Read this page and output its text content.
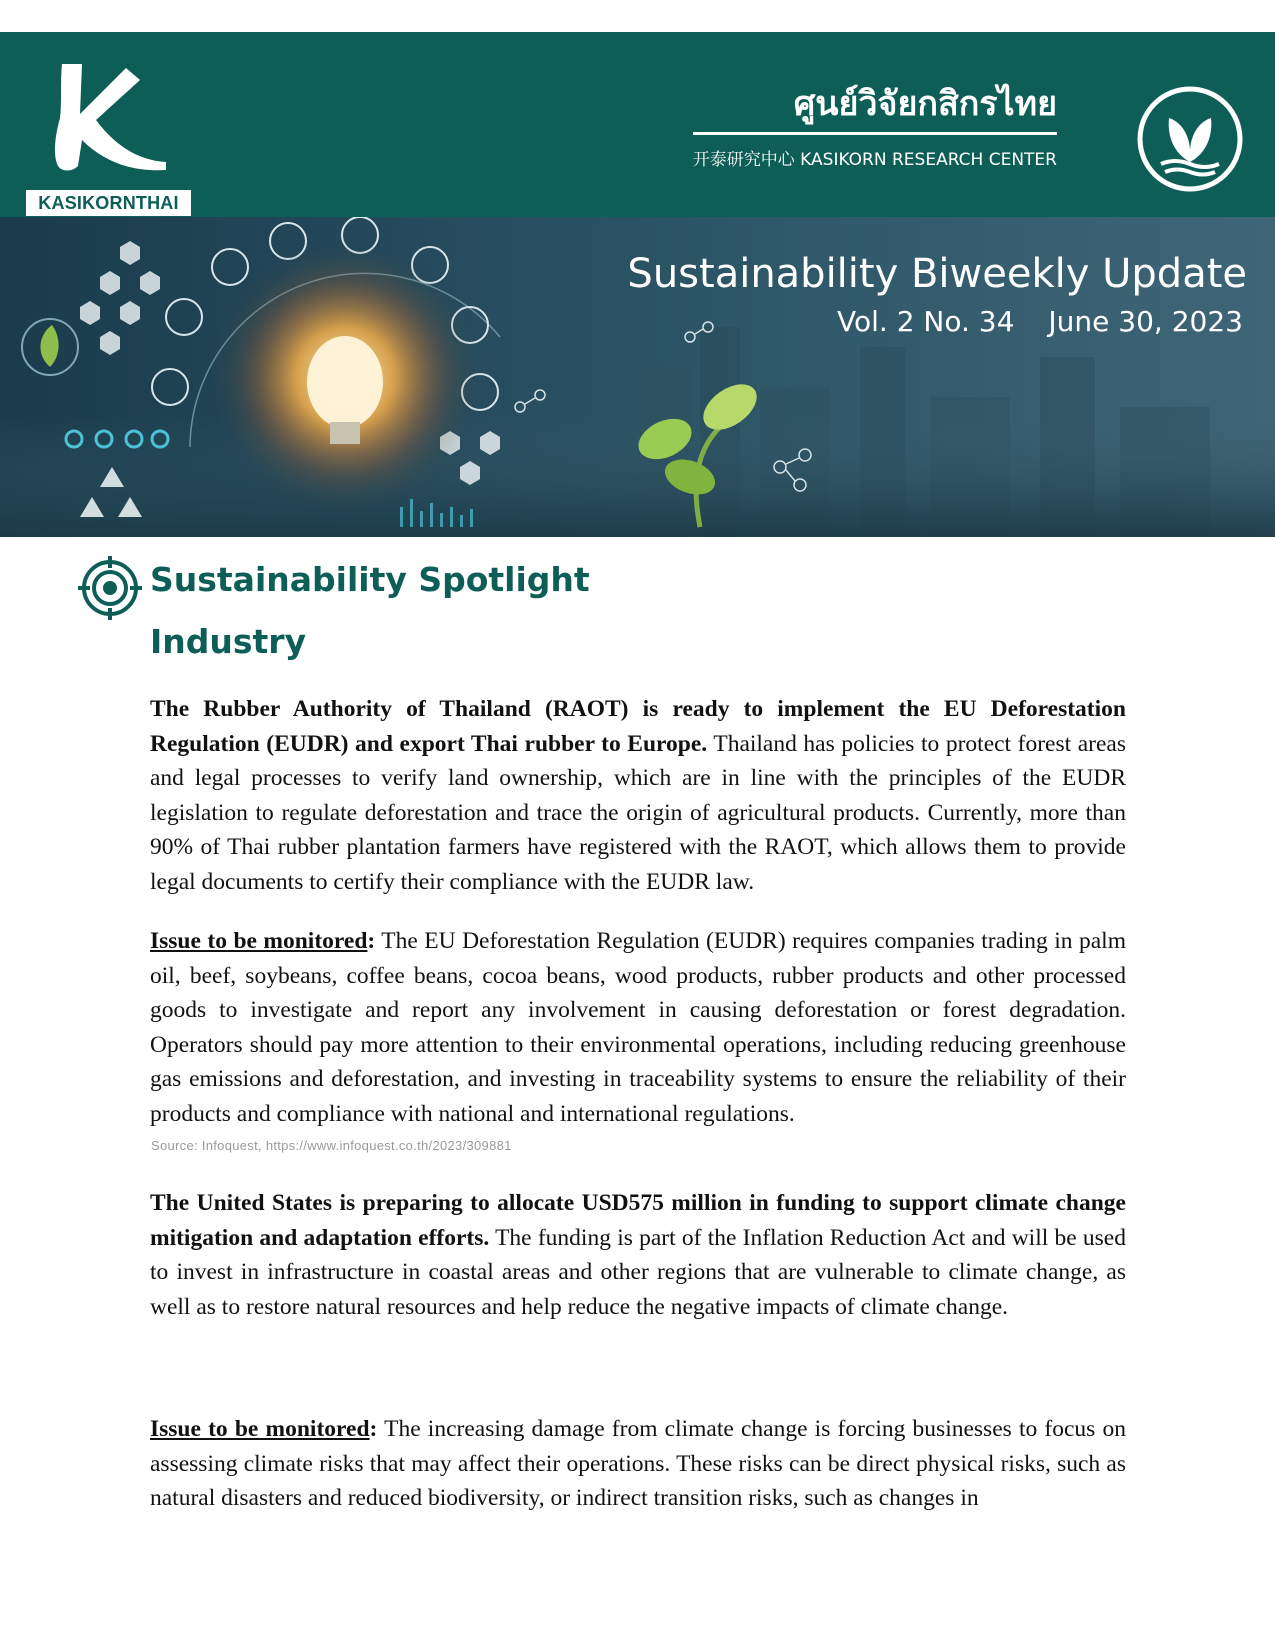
KASIKORNTHAI
ศูนย์วิจัยกสิกรไทย
开泰研究中心 KASIKORN RESEARCH CENTER
Sustainability Biweekly Update
Vol. 2 No. 34 June 30, 2023
Sustainability Spotlight
Industry

The Rubber Authority of Thailand (RAOT) is ready to implement the EU Deforestation Regulation (EUDR) and export Thai rubber to Europe. Thailand has policies to protect forest areas and legal processes to verify land ownership, which are in line with the principles of the EUDR legislation to regulate deforestation and trace the origin of agricultural products. Currently, more than 90% of Thai rubber plantation farmers have registered with the RAOT, which allows them to provide legal documents to certify their compliance with the EUDR law.

Issue to be monitored: The EU Deforestation Regulation (EUDR) requires companies trading in palm oil, beef, soybeans, coffee beans, cocoa beans, wood products, rubber products and other processed goods to investigate and report any involvement in causing deforestation or forest degradation. Operators should pay more attention to their environmental operations, including reducing greenhouse gas emissions and deforestation, and investing in traceability systems to ensure the reliability of their products and compliance with national and international regulations.

Source: Infoquest, https://www.infoquest.co.th/2023/309881

The United States is preparing to allocate USD575 million in funding to support climate change mitigation and adaptation efforts. The funding is part of the Inflation Reduction Act and will be used to invest in infrastructure in coastal areas and other regions that are vulnerable to climate change, as well as to restore natural resources and help reduce the negative impacts of climate change.

Issue to be monitored: The increasing damage from climate change is forcing businesses to focus on assessing climate risks that may affect their operations. These risks can be direct physical risks, such as natural disasters and reduced biodiversity, or indirect transition risks, such as changes in
